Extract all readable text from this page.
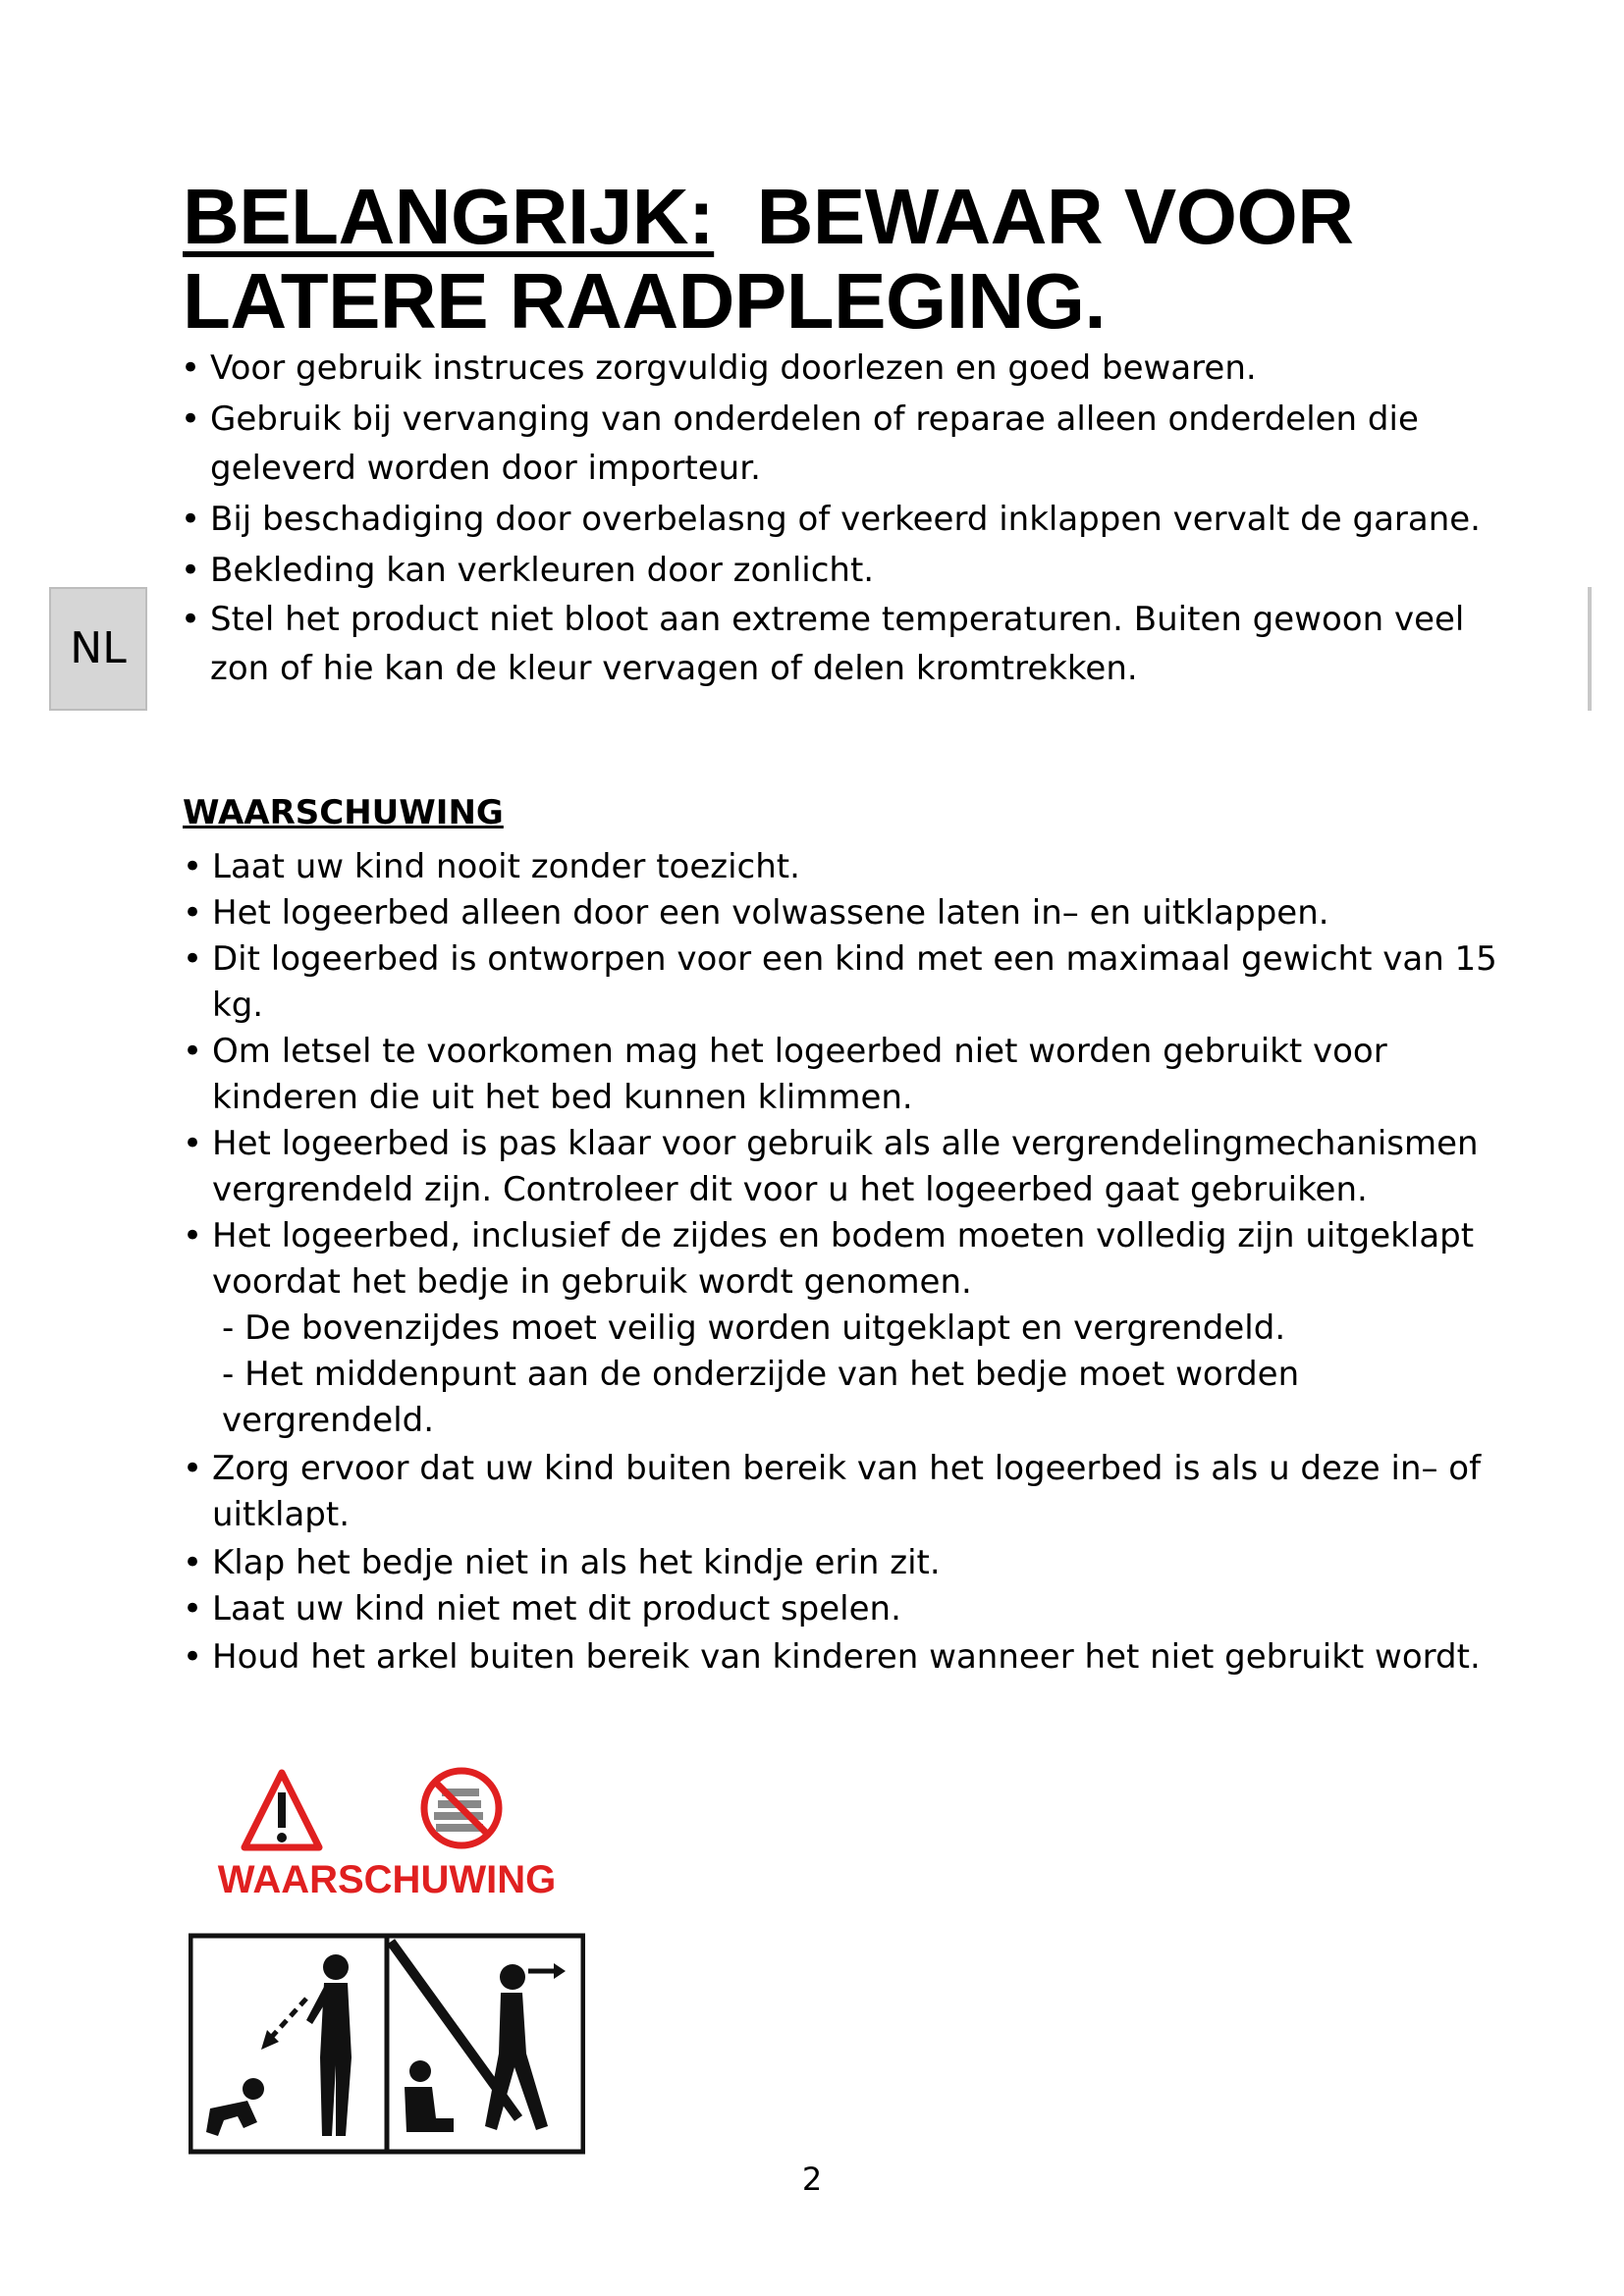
NL
BELANGRIJK: BEWAAR VOOR
LATERE RAADPLEGING.
• Voor gebruik instruces zorgvuldig doorlezen en goed bewaren.
• Gebruik bij vervanging van onderdelen of reparae alleen onderdelen die geleverd worden door importeur.
• Bij beschadiging door overbelasng of verkeerd inklappen vervalt de garane.
• Bekleding kan verkleuren door zonlicht.
• Stel het product niet bloot aan extreme temperaturen. Buiten gewoon veel zon of hie kan de kleur vervagen of delen kromtrekken.
WAARSCHUWING
• Laat uw kind nooit zonder toezicht.
• Het logeerbed alleen door een volwassene laten in– en uitklappen.
• Dit logeerbed is ontworpen voor een kind met een maximaal gewicht van 15 kg.
• Om letsel te voorkomen mag het logeerbed niet worden gebruikt voor kinderen die uit het bed kunnen klimmen.
• Het logeerbed is pas klaar voor gebruik als alle vergrendelingmechanismen vergrendeld zijn. Controleer dit voor u het logeerbed gaat gebruiken.
• Het logeerbed, inclusief de zijdes en bodem moeten volledig zijn uitgeklapt voordat het bedje in gebruik wordt genomen.
- De bovenzijdes moet veilig worden uitgeklapt en vergrendeld.
- Het middenpunt aan de onderzijde van het bedje moet worden vergrendeld.
• Zorg ervoor dat uw kind buiten bereik van het logeerbed is als u deze in– of uitklapt.
• Klap het bedje niet in als het kindje erin zit.
• Laat uw kind niet met dit product spelen.
• Houd het arkel buiten bereik van kinderen wanneer het niet gebruikt wordt.
WAARSCHUWING
2
